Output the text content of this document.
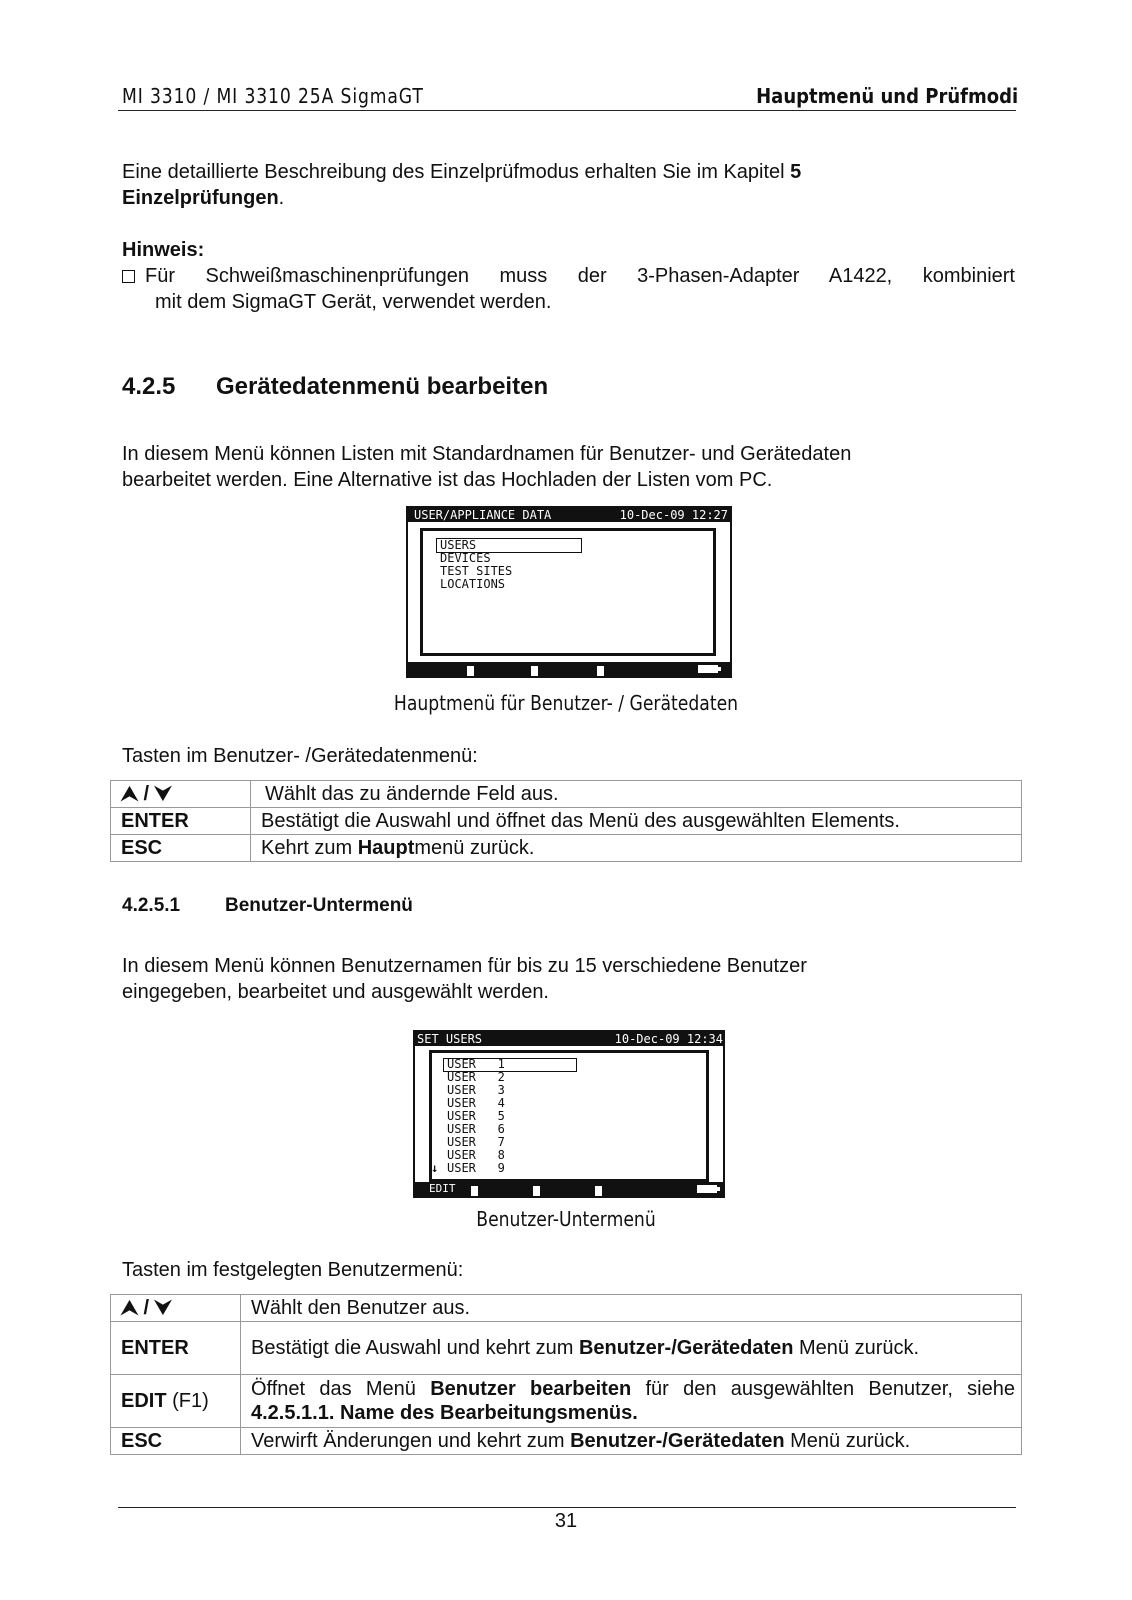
MI 3310 / MI 3310 25A SigmaGT	Hauptmenü und Prüfmodi
Eine detaillierte Beschreibung des Einzelprüfmodus erhalten Sie im Kapitel 5
Einzelprüfungen.
Hinweis:
Für Schweißmaschinenprüfungen muss der 3-Phasen-Adapter A1422, kombiniert
mit dem SigmaGT Gerät, verwendet werden.
4.2.5 Gerätedatenmenü bearbeiten
In diesem Menü können Listen mit Standardnamen für Benutzer- und Gerätedaten
bearbeitet werden. Eine Alternative ist das Hochladen der Listen vom PC.
USER/APPLIANCE DATA	10-Dec-09 12:27
USERS
DEVICES
TEST SITES
LOCATIONS
Hauptmenü für Benutzer- / Gerätedaten
Tasten im Benutzer- /Gerätedatenmenü:
⮝ / ⮟	Wählt das zu ändernde Feld aus.
ENTER	Bestätigt die Auswahl und öffnet das Menü des ausgewählten Elements.
ESC	Kehrt zum Hauptmenü zurück.
4.2.5.1 Benutzer-Untermenü
In diesem Menü können Benutzernamen für bis zu 15 verschiedene Benutzer
eingegeben, bearbeitet und ausgewählt werden.
SET USERS	10-Dec-09 12:34
USER   1
USER   2
USER   3
USER   4
USER   5
USER   6
USER   7
USER   8
USER   9
↓
EDIT
Benutzer-Untermenü
Tasten im festgelegten Benutzermenü:
⮝ / ⮟	Wählt den Benutzer aus.
ENTER	Bestätigt die Auswahl und kehrt zum Benutzer-/Gerätedaten Menü zurück.
EDIT (F1)	Öffnet das Menü Benutzer bearbeiten für den ausgewählten Benutzer, siehe 4.2.5.1.1. Name des Bearbeitungsmenüs.
ESC	Verwirft Änderungen und kehrt zum Benutzer-/Gerätedaten Menü zurück.
31
